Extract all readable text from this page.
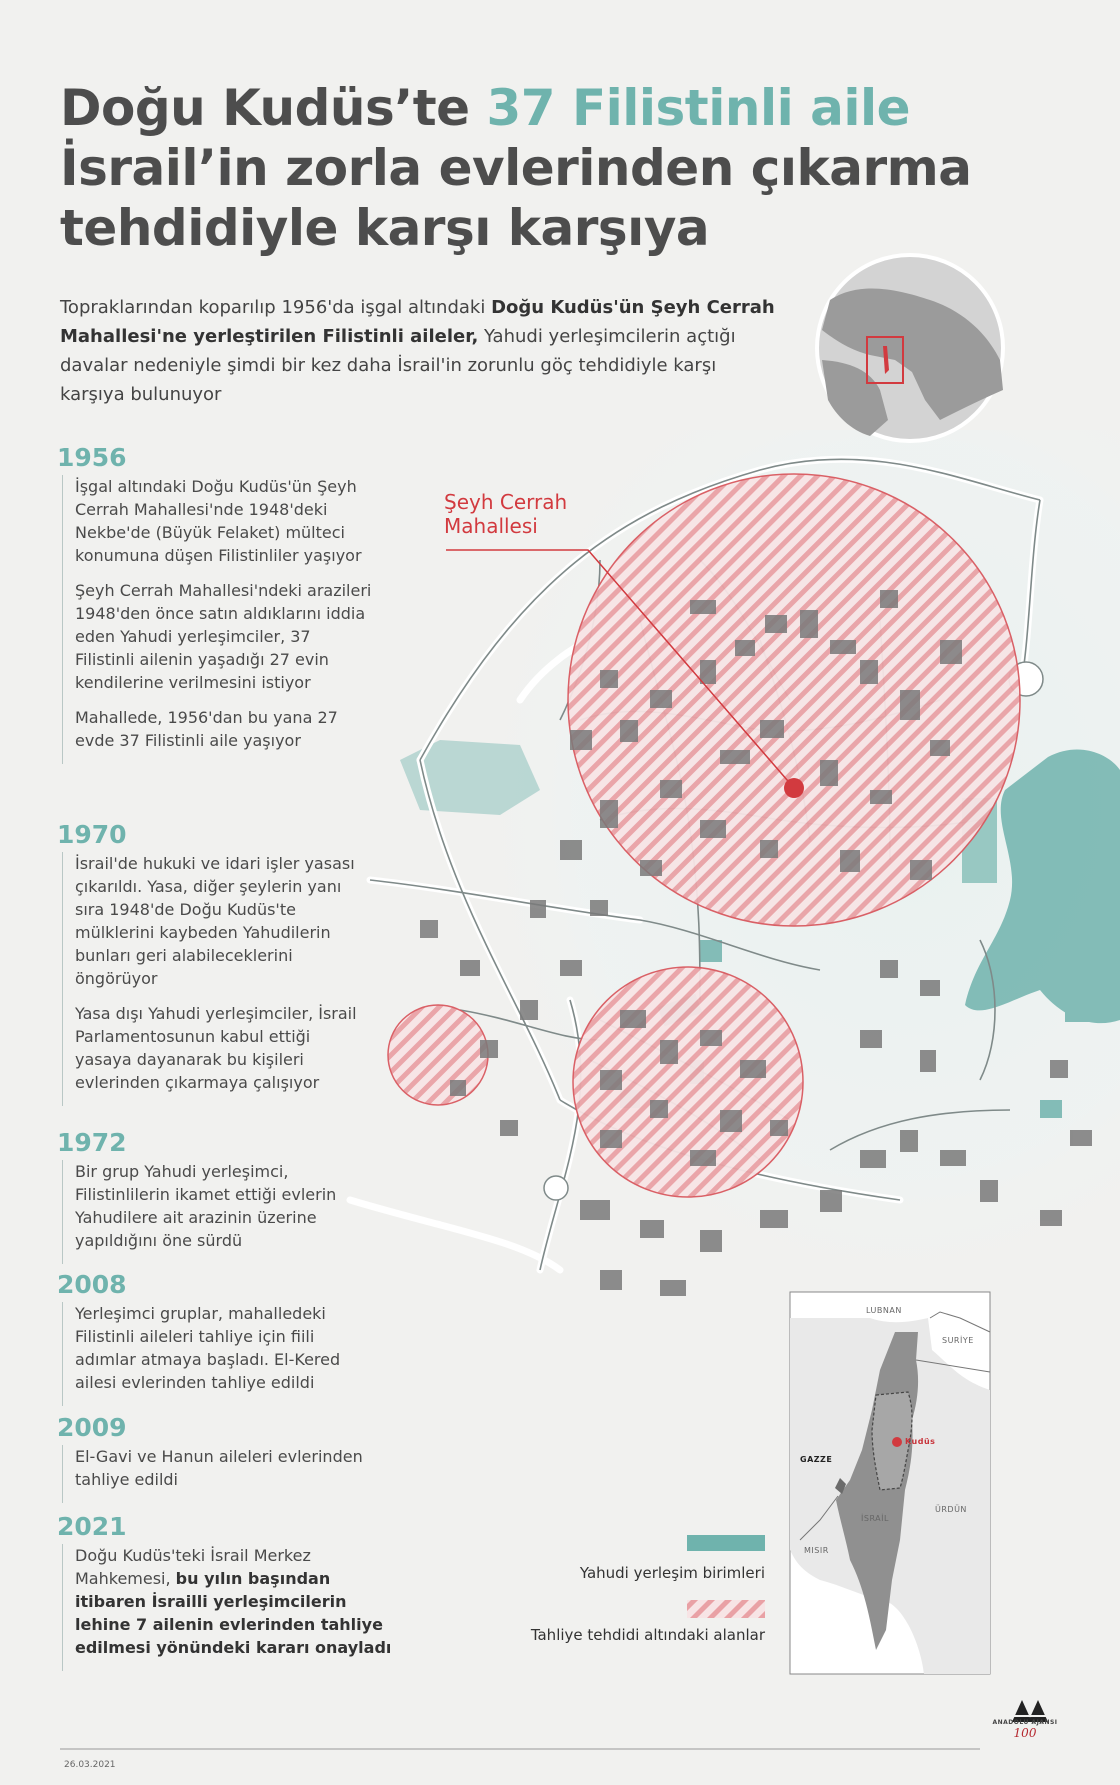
Doğu Kudüs’te 37 Filistinli aile
İsrail’in zorla evlerinden çıkarma
tehdidiyle karşı karşıya
Topraklarından koparılıp 1956'da işgal altındaki Doğu Kudüs'ün Şeyh Cerrah Mahallesi'ne yerleştirilen Filistinli aileler, Yahudi yerleşimcilerin açtığı davalar nedeniyle şimdi bir kez daha İsrail'in zorunlu göç tehdidiyle karşı karşıya bulunuyor
Şeyh Cerrah
Mahallesi
1956

İşgal altındaki Doğu Kudüs'ün Şeyh Cerrah Mahallesi'nde 1948'deki Nekbe'de (Büyük Felaket) mülteci konumuna düşen Filistinliler yaşıyor

Şeyh Cerrah Mahallesi'ndeki arazileri 1948'den önce satın aldıklarını iddia eden Yahudi yerleşimciler, 37 Filistinli ailenin yaşadığı 27 evin kendilerine verilmesini istiyor

Mahallede, 1956'dan bu yana 27 evde 37 Filistinli aile yaşıyor

1970

İsrail'de hukuki ve idari işler yasası çıkarıldı. Yasa, diğer şeylerin yanı sıra 1948'de Doğu Kudüs'te mülklerini kaybeden Yahudilerin bunları geri alabileceklerini öngörüyor

Yasa dışı Yahudi yerleşimciler, İsrail Parlamentosunun kabul ettiği yasaya dayanarak bu kişileri evlerinden çıkarmaya çalışıyor

1972

Bir grup Yahudi yerleşimci, Filistinlilerin ikamet ettiği evlerin Yahudilere ait arazinin üzerine yapıldığını öne sürdü

2008

Yerleşimci gruplar, mahalledeki Filistinli aileleri tahliye için fiili adımlar atmaya başladı. El-Kered ailesi evlerinden tahliye edildi

2009

El-Gavi ve Hanun aileleri evlerinden tahliye edildi

2021

Doğu Kudüs'teki İsrail Merkez Mahkemesi, bu yılın başından itibaren İsrailli yerleşimcilerin lehine 7 ailenin evlerinden tahliye edilmesi yönündeki kararı onayladı

LUBNAN
SURİYE
GAZZE
Kudüs
İSRAİL
ÜRDÜN
MISIR
Yahudi yerleşim birimleri
Tahliye tehdidi altındaki alanlar
26.03.2021
ANADOLU AJANSI
100
